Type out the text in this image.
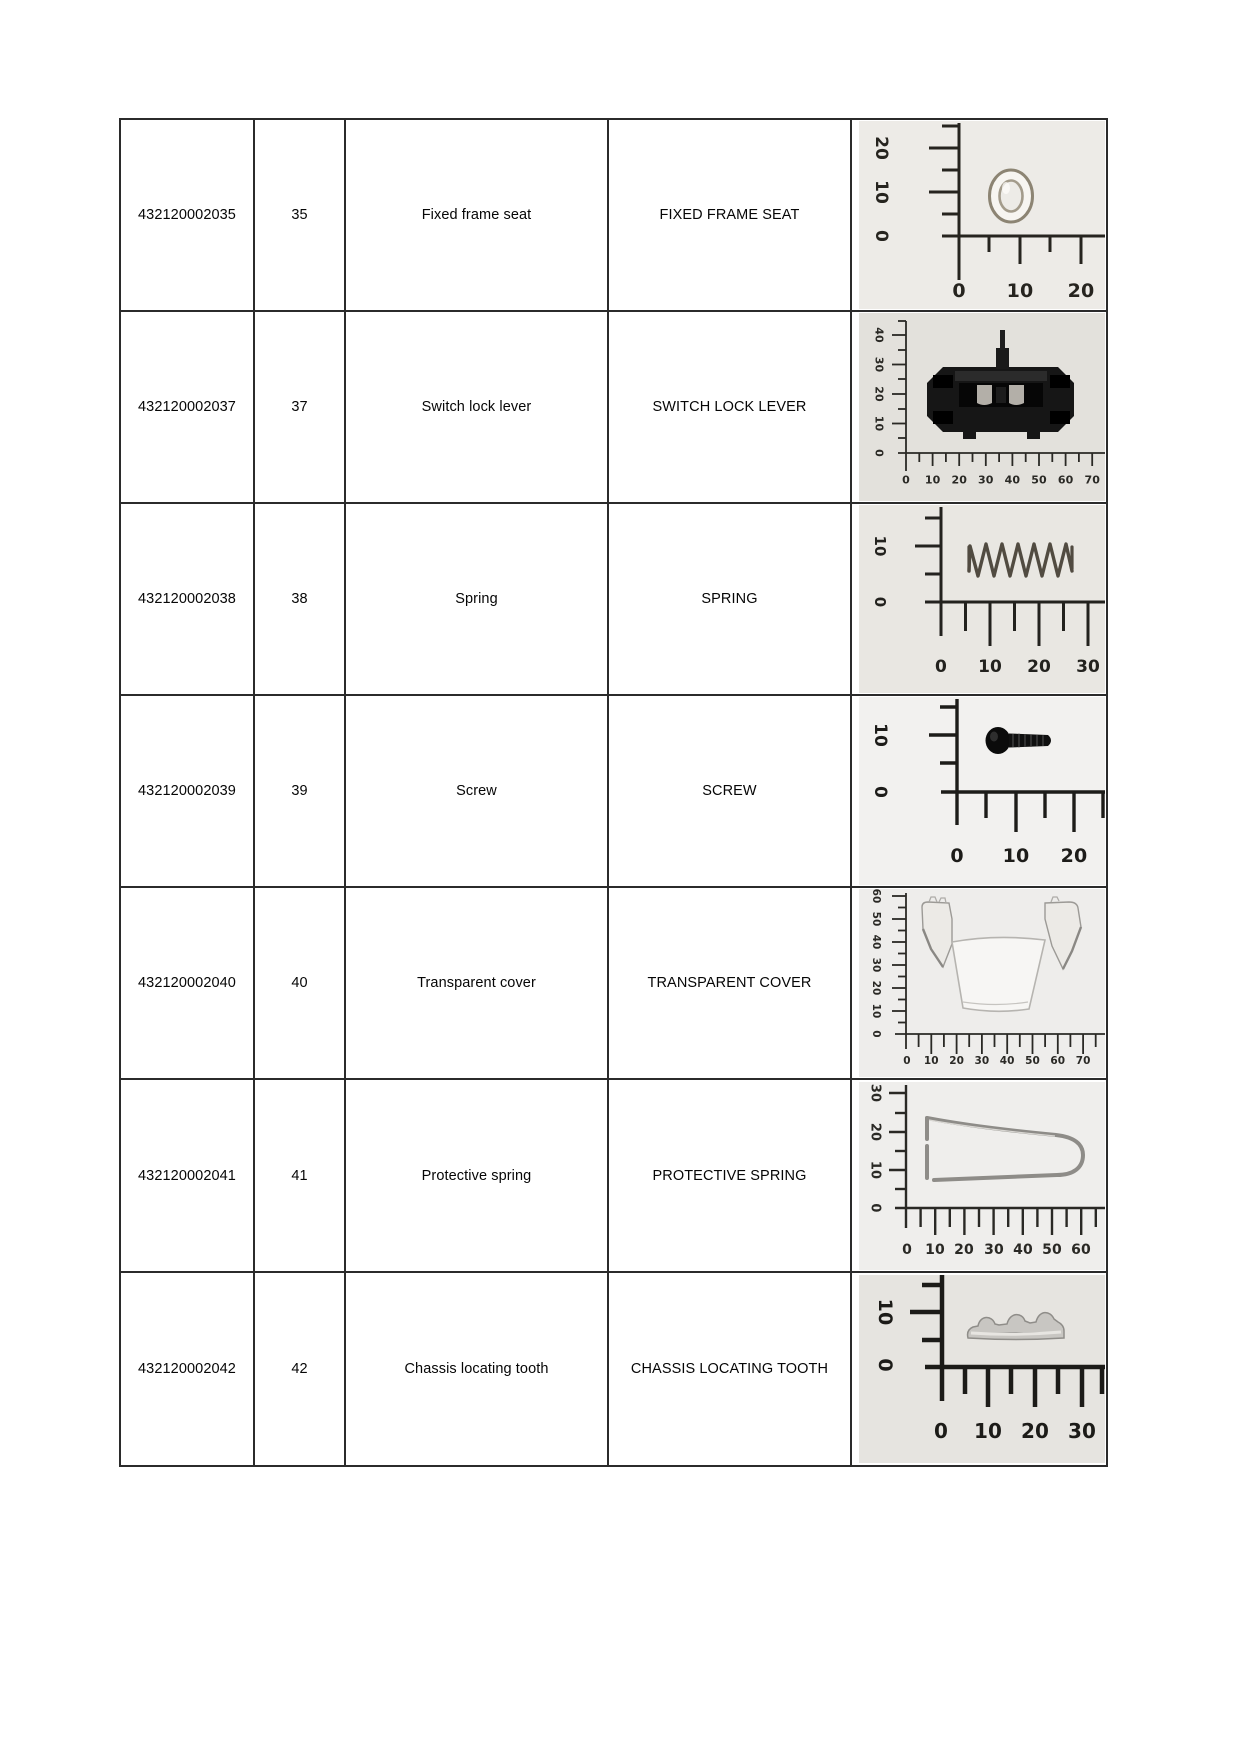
432120002035	35	Fixed frame seat	FIXED FRAME SEAT
20
10
0
0 10 20
432120002037	37	Switch lock lever	SWITCH LOCK LEVER
40
30
20
10
0
0 10 20 30 40 50 60 70
432120002038	38	Spring	SPRING
10
0
0 10 20 30
432120002039	39	Screw	SCREW
10
0
0 10 20
432120002040	40	Transparent cover	TRANSPARENT COVER
60
50
40
30
20
10
0
0 10 20 30 40 50 60 70
432120002041	41	Protective spring	PROTECTIVE SPRING
30
20
10
0
0 10 20 30 40 50 60
432120002042	42	Chassis locating tooth	CHASSIS LOCATING TOOTH
10
0
0 10 20 30
